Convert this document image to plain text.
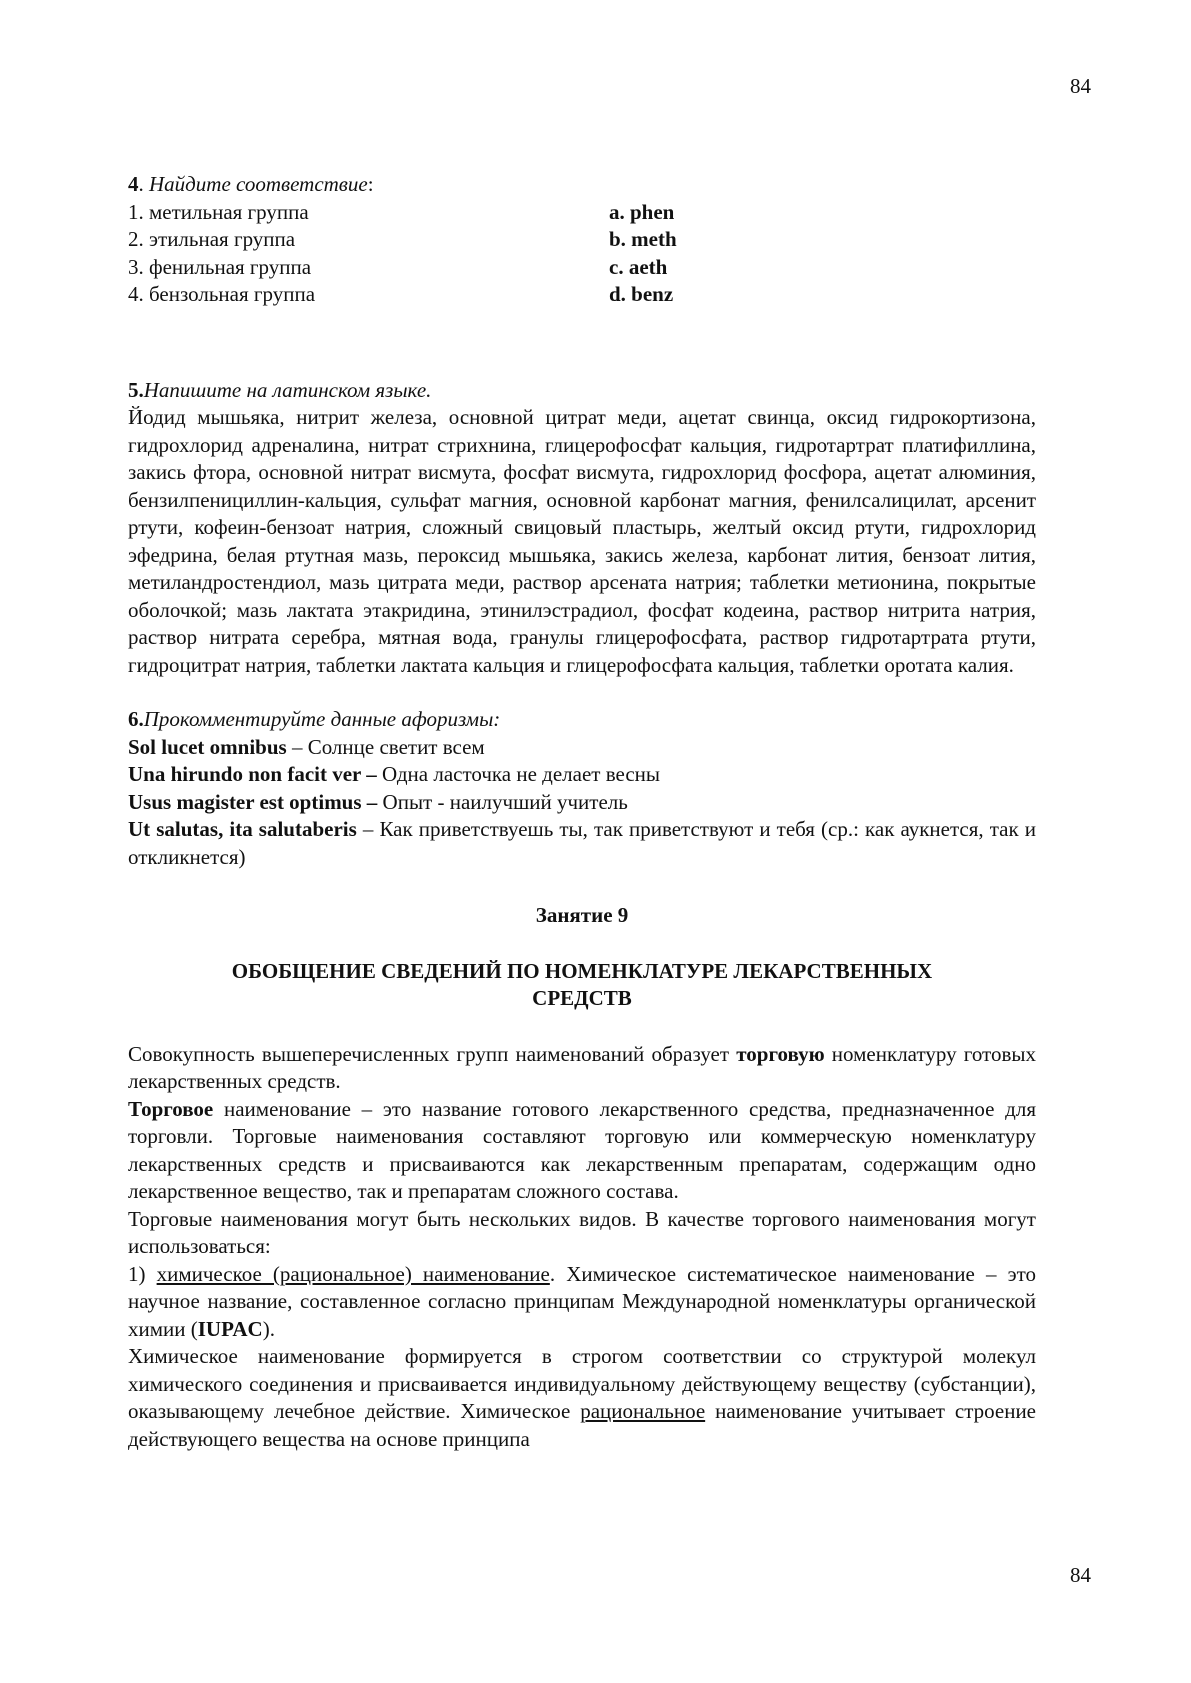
84

4. Найдите соответствие:

1. метильная группа	a. phen
2. этильная группа	b. meth
3. фенильная группа	c. aeth
4. бензольная группа	d. benz

5.Напишите на латинском языке.

Йодид мышьяка, нитрит железа, основной цитрат меди, ацетат свинца, оксид гидрокортизона, гидрохлорид адреналина, нитрат стрихнина, глицерофосфат кальция, гидротартрат платифиллина, закись фтора, основной нитрат висмута, фосфат висмута, гидрохлорид фосфора, ацетат алюминия, бензилпенициллин-кальция, сульфат магния, основной карбонат магния, фенилсалицилат, арсенит ртути, кофеин-бензоат натрия, сложный свицовый пластырь, желтый оксид ртути, гидрохлорид эфедрина, белая ртутная мазь, пероксид мышьяка, закись железа, карбонат лития, бензоат лития, метиландростендиол, мазь цитрата меди, раствор арсената натрия; таблетки метионина, покрытые оболочкой; мазь лактата этакридина, этинилэстрадиол, фосфат кодеина, раствор нитрита натрия, раствор нитрата серебра, мятная вода, гранулы глицерофосфата, раствор гидротартрата ртути, гидроцитрат натрия, таблетки лактата кальция и глицерофосфата кальция, таблетки оротата калия.

6.Прокомментируйте данные афоризмы:

Sol lucet omnibus – Солнце светит всем

Una hirundo non facit ver – Одна ласточка не делает весны

Usus magister est optimus – Опыт - наилучший учитель

Ut salutas, ita salutaberis – Как приветствуешь ты, так приветствуют и тебя (ср.: как аукнется, так и откликнется)

Занятие 9

ОБОБЩЕНИЕ СВЕДЕНИЙ ПО НОМЕНКЛАТУРЕ ЛЕКАРСТВЕННЫХ

СРЕДСТВ

Совокупность вышеперечисленных групп наименований образует торговую номенклатуру готовых лекарственных средств.

Торговое наименование – это название готового лекарственного средства, предназначенное для торговли. Торговые наименования составляют торговую или коммерческую номенклатуру лекарственных средств и присваиваются как лекарственным препаратам, содержащим одно лекарственное вещество, так и препаратам сложного состава.

Торговые наименования могут быть нескольких видов. В качестве торгового наименования могут использоваться:

1) химическое (рациональное) наименование. Химическое систематическое наименование – это научное название, составленное согласно принципам Международной номенклатуры органической химии (IUPAC).

Химическое наименование формируется в строгом соответствии со структурой молекул химического соединения и присваивается индивидуальному действующему веществу (субстанции), оказывающему лечебное действие. Химическое рациональное наименование учитывает строение действующего вещества на основе принципа

84
